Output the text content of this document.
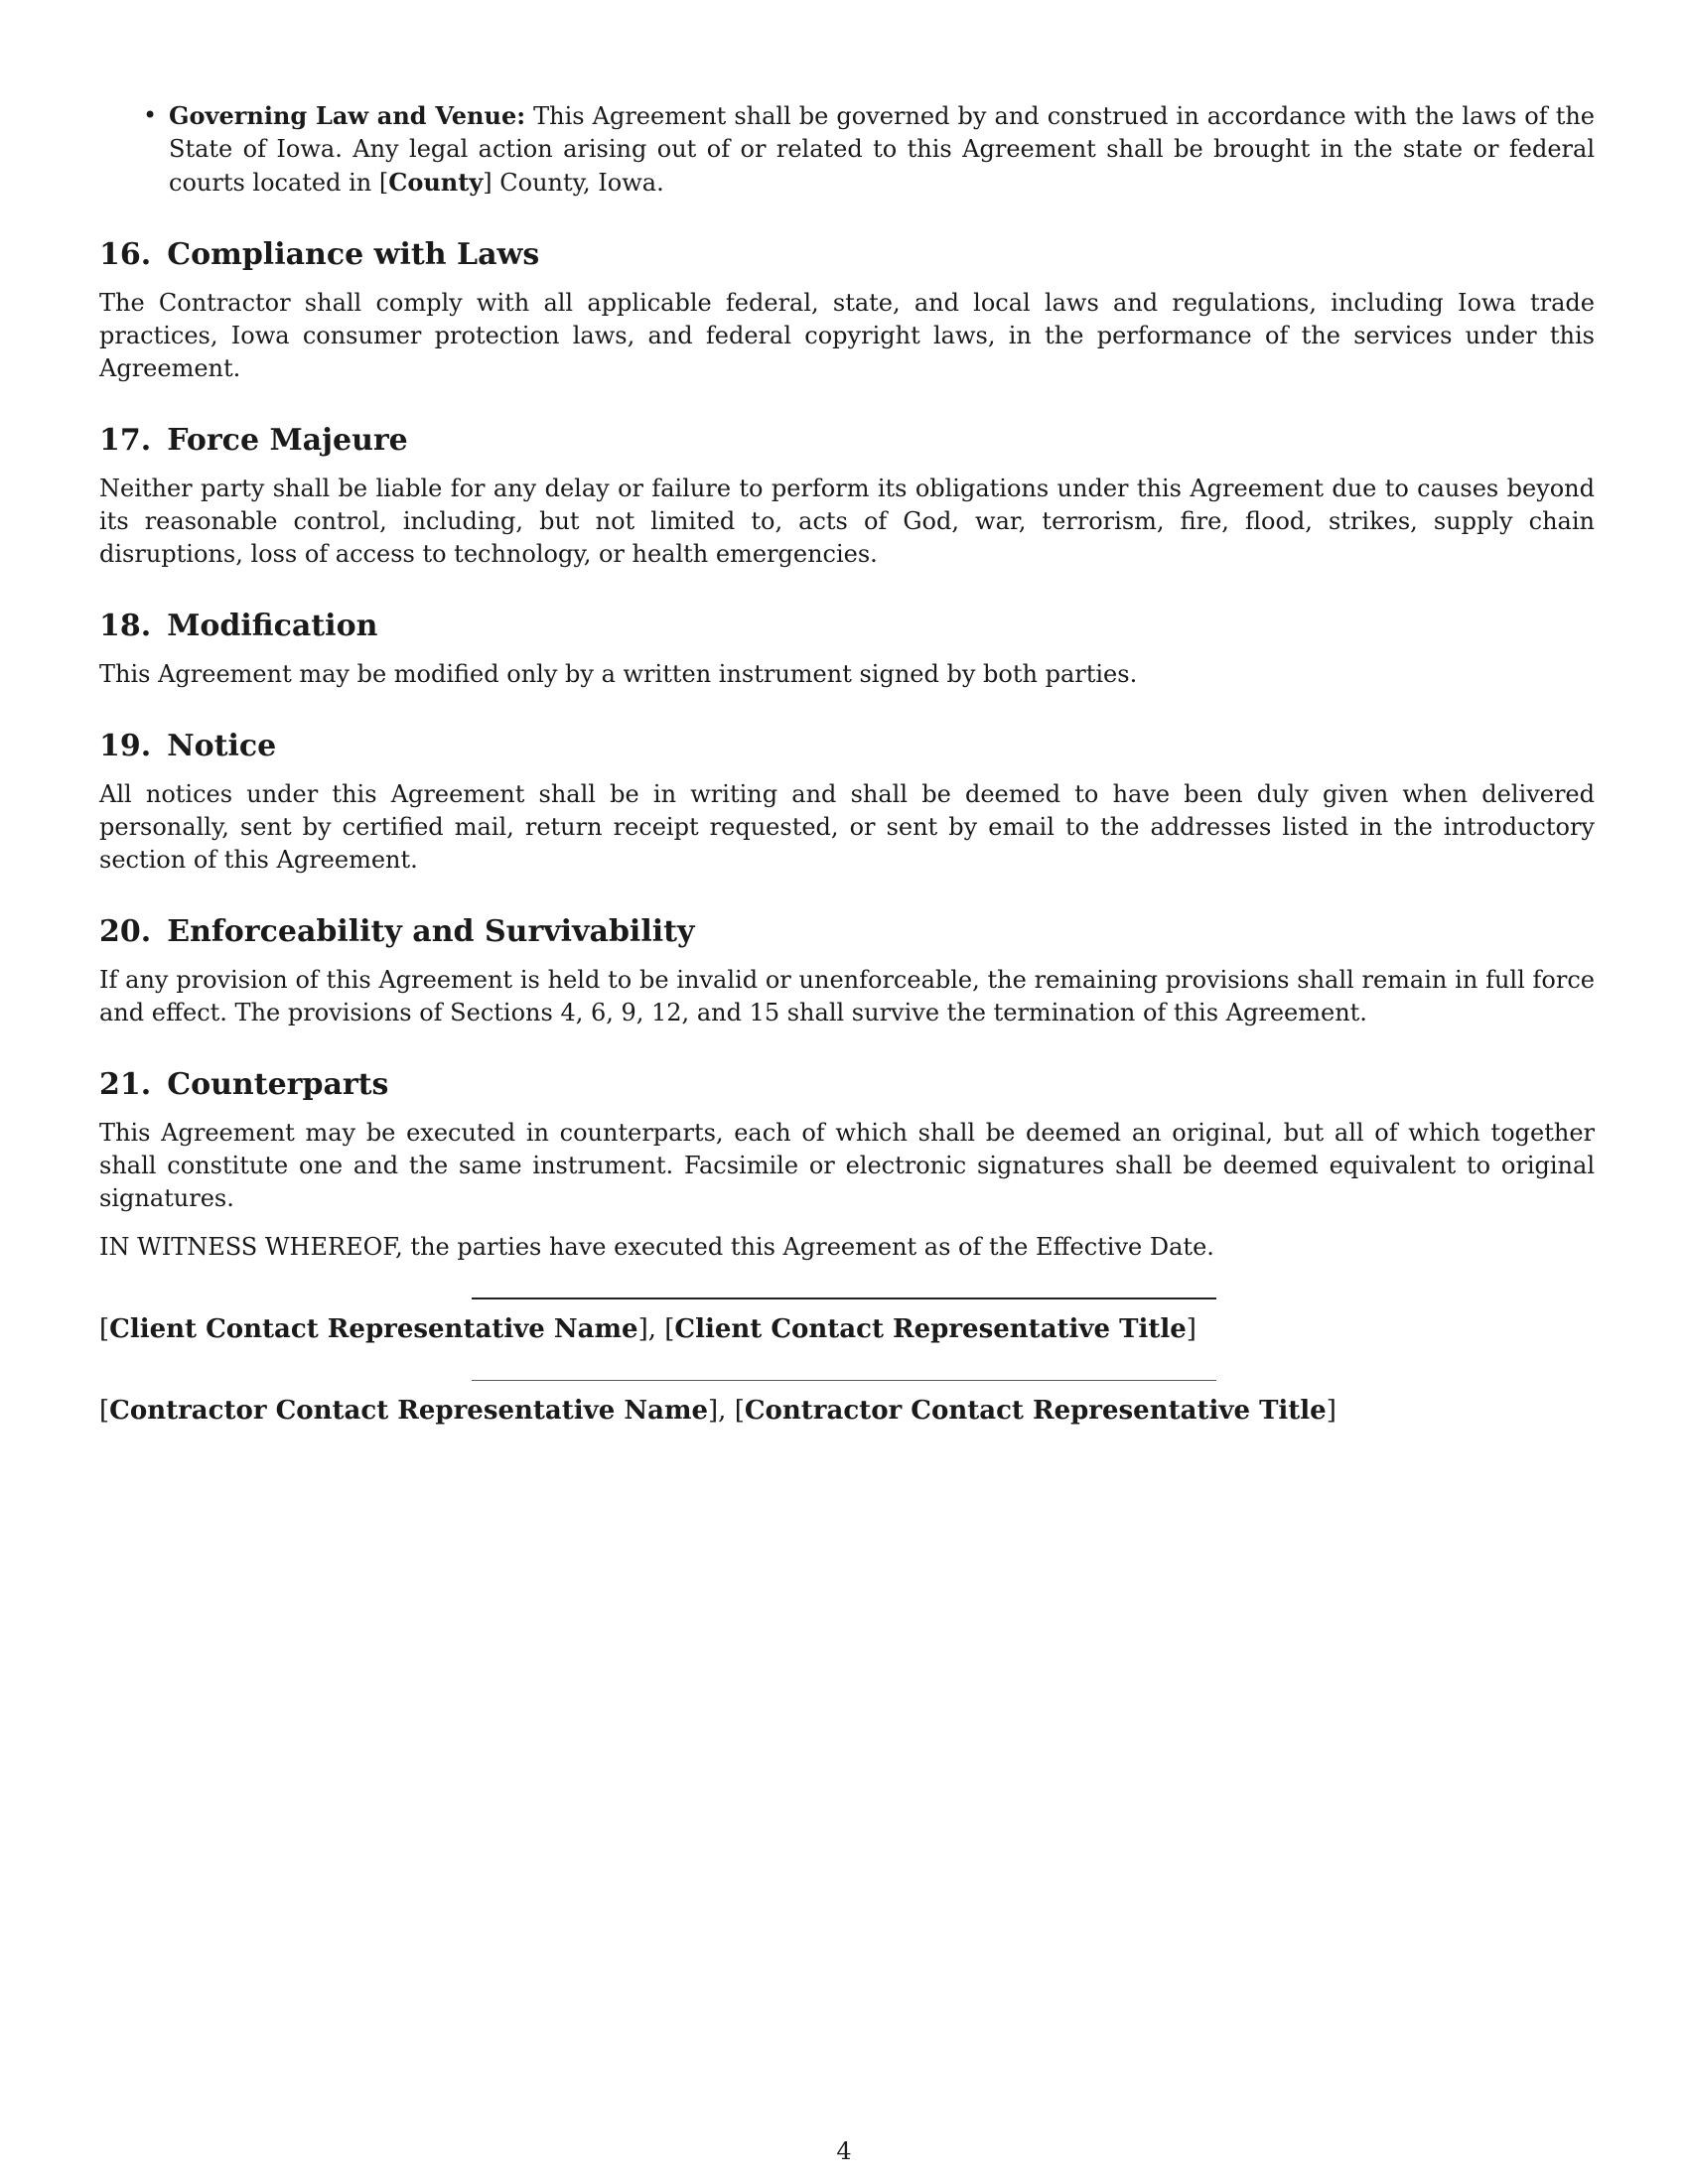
• Governing Law and Venue: This Agreement shall be governed by and construed in accordance with the laws of the State of Iowa. Any legal action arising out of or related to this Agreement shall be brought in the state or federal courts located in [County] County, Iowa.
16. Compliance with Laws

The Contractor shall comply with all applicable federal, state, and local laws and regulations, including Iowa trade practices, Iowa consumer protection laws, and federal copyright laws, in the performance of the services under this Agreement.

17. Force Majeure

Neither party shall be liable for any delay or failure to perform its obligations under this Agreement due to causes beyond its reasonable control, including, but not limited to, acts of God, war, terrorism, fire, flood, strikes, supply chain disruptions, loss of access to technology, or health emergencies.

18. Modification

This Agreement may be modified only by a written instrument signed by both parties.

19. Notice

All notices under this Agreement shall be in writing and shall be deemed to have been duly given when delivered personally, sent by certified mail, return receipt requested, or sent by email to the addresses listed in the introductory section of this Agreement.

20. Enforceability and Survivability

If any provision of this Agreement is held to be invalid or unenforceable, the remaining provisions shall remain in full force and effect. The provisions of Sections 4, 6, 9, 12, and 15 shall survive the termination of this Agreement.

21. Counterparts

This Agreement may be executed in counterparts, each of which shall be deemed an original, but all of which together shall constitute one and the same instrument. Facsimile or electronic signatures shall be deemed equivalent to original signatures.

IN WITNESS WHEREOF, the parties have executed this Agreement as of the Effective Date.

[Client Contact Representative Name], [Client Contact Representative Title]
[Contractor Contact Representative Name], [Contractor Contact Representative Title]
4
